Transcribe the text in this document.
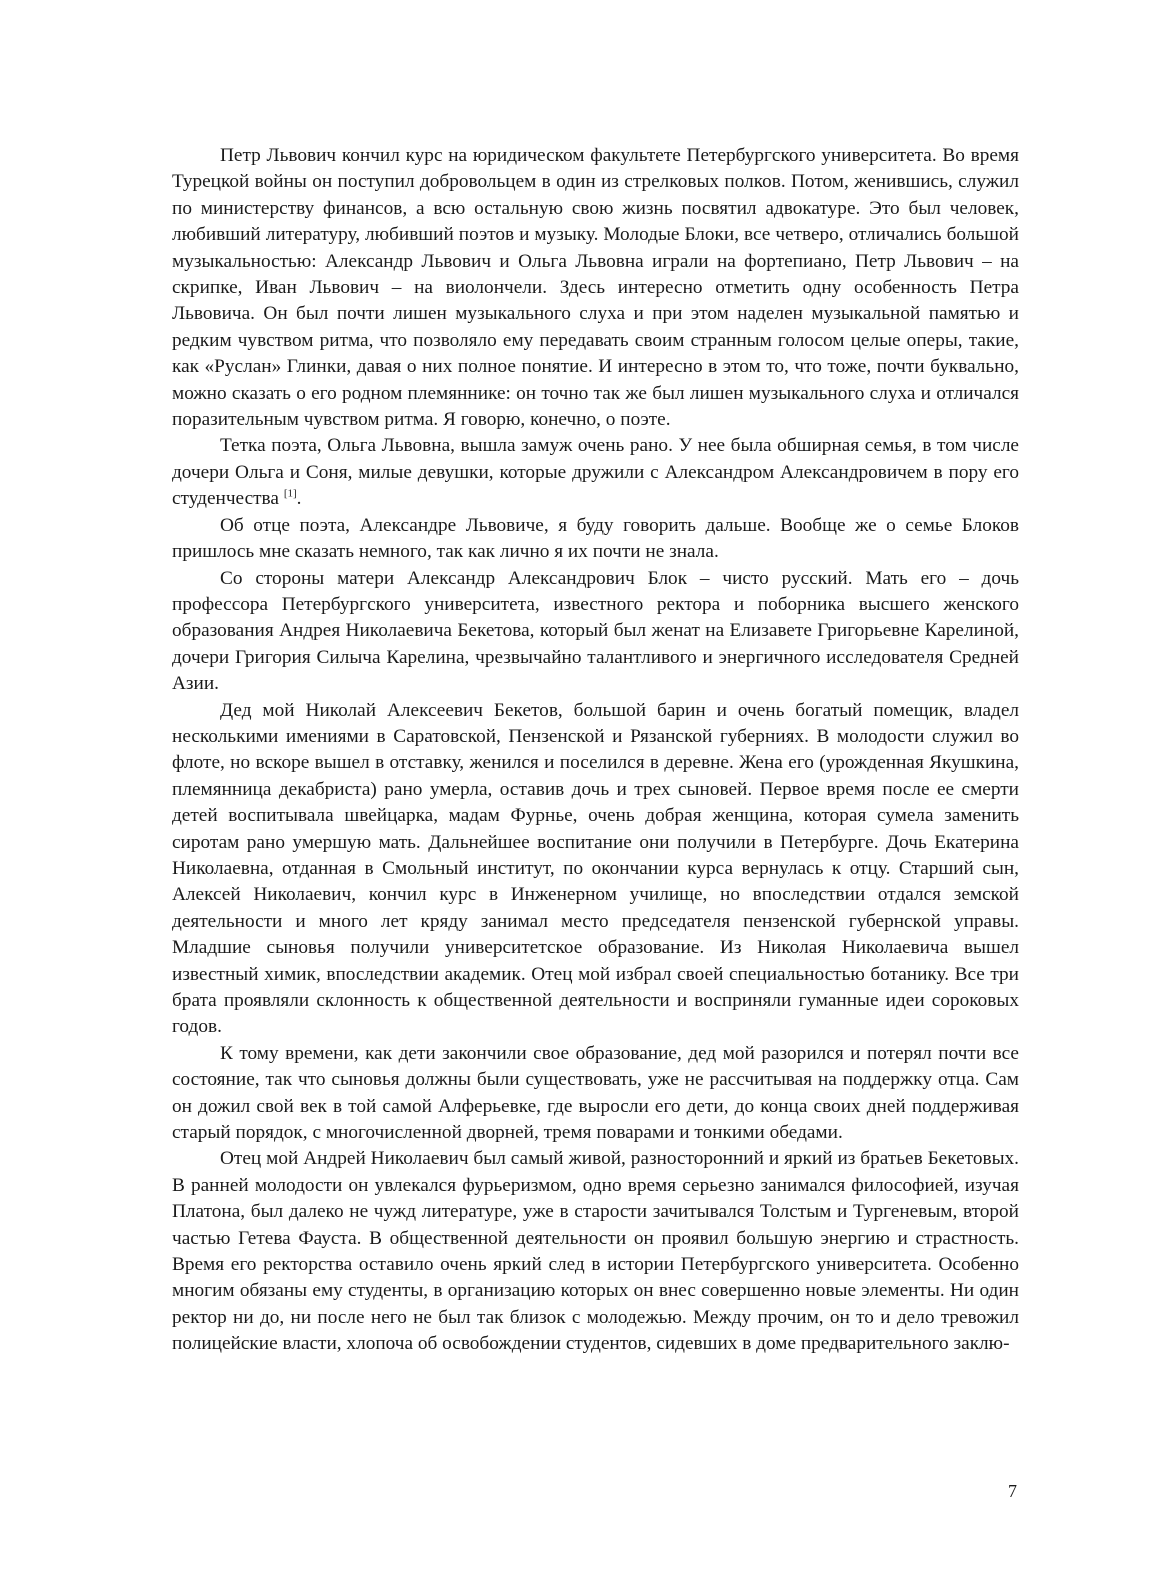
Петр Львович кончил курс на юридическом факультете Петербургского университета. Во время Турецкой войны он поступил добровольцем в один из стрелковых полков. Потом, женившись, служил по министерству финансов, а всю остальную свою жизнь посвятил адвокатуре. Это был человек, любивший литературу, любивший поэтов и музыку. Молодые Блоки, все четверо, отличались большой музыкальностью: Александр Львович и Ольга Львовна играли на фортепиано, Петр Львович – на скрипке, Иван Львович – на виолончели. Здесь интересно отметить одну особенность Петра Львовича. Он был почти лишен музыкального слуха и при этом наделен музыкальной памятью и редким чувством ритма, что позволяло ему передавать своим странным голосом целые оперы, такие, как «Руслан» Глинки, давая о них полное понятие. И интересно в этом то, что тоже, почти буквально, можно сказать о его родном племяннике: он точно так же был лишен музыкального слуха и отличался поразительным чувством ритма. Я говорю, конечно, о поэте.

Тетка поэта, Ольга Львовна, вышла замуж очень рано. У нее была обширная семья, в том числе дочери Ольга и Соня, милые девушки, которые дружили с Александром Александровичем в пору его студенчества [1].

Об отце поэта, Александре Львовиче, я буду говорить дальше. Вообще же о семье Блоков пришлось мне сказать немного, так как лично я их почти не знала.

Со стороны матери Александр Александрович Блок – чисто русский. Мать его – дочь профессора Петербургского университета, известного ректора и поборника высшего женского образования Андрея Николаевича Бекетова, который был женат на Елизавете Григорьевне Карелиной, дочери Григория Силыча Карелина, чрезвычайно талантливого и энергичного исследователя Средней Азии.

Дед мой Николай Алексеевич Бекетов, большой барин и очень богатый помещик, владел несколькими имениями в Саратовской, Пензенской и Рязанской губерниях. В молодости служил во флоте, но вскоре вышел в отставку, женился и поселился в деревне. Жена его (урожденная Якушкина, племянница декабриста) рано умерла, оставив дочь и трех сыновей. Первое время после ее смерти детей воспитывала швейцарка, мадам Фурнье, очень добрая женщина, которая сумела заменить сиротам рано умершую мать. Дальнейшее воспитание они получили в Петербурге. Дочь Екатерина Николаевна, отданная в Смольный институт, по окончании курса вернулась к отцу. Старший сын, Алексей Николаевич, кончил курс в Инженерном училище, но впоследствии отдался земской деятельности и много лет кряду занимал место председателя пензенской губернской управы. Младшие сыновья получили университетское образование. Из Николая Николаевича вышел известный химик, впоследствии академик. Отец мой избрал своей специальностью ботанику. Все три брата проявляли склонность к общественной деятельности и восприняли гуманные идеи сороковых годов.

К тому времени, как дети закончили свое образование, дед мой разорился и потерял почти все состояние, так что сыновья должны были существовать, уже не рассчитывая на поддержку отца. Сам он дожил свой век в той самой Алферьевке, где выросли его дети, до конца своих дней поддерживая старый порядок, с многочисленной дворней, тремя поварами и тонкими обедами.

Отец мой Андрей Николаевич был самый живой, разносторонний и яркий из братьев Бекетовых. В ранней молодости он увлекался фурьеризмом, одно время серьезно занимался философией, изучая Платона, был далеко не чужд литературе, уже в старости зачитывался Толстым и Тургеневым, второй частью Гетева Фауста. В общественной деятельности он проявил большую энергию и страстность. Время его ректорства оставило очень яркий след в истории Петербургского университета. Особенно многим обязаны ему студенты, в организацию которых он внес совершенно новые элементы. Ни один ректор ни до, ни после него не был так близок с молодежью. Между прочим, он то и дело тревожил полицейские власти, хлопоча об освобождении студентов, сидевших в доме предварительного заклю-

7
